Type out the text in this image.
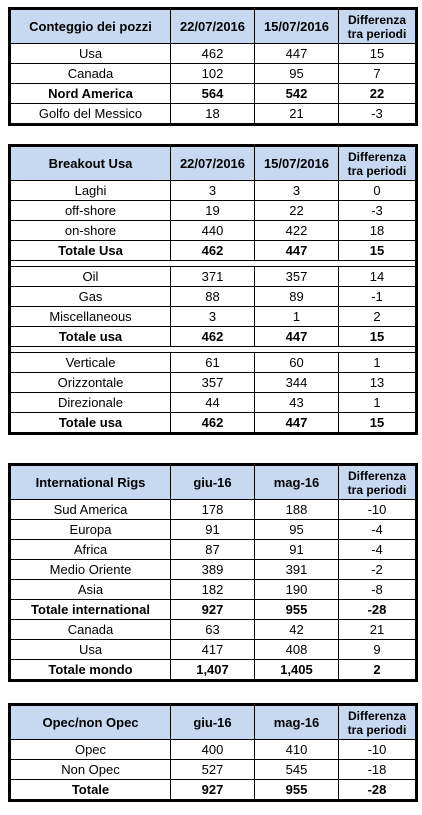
Conteggio dei pozzi	22/07/2016	15/07/2016	Differenza tra periodi
Usa	462	447	15
Canada	102	95	7
Nord America	564	542	22
Golfo del Messico	18	21	-3
Breakout Usa	22/07/2016	15/07/2016	Differenza tra periodi
Laghi	3	3	0
off-shore	19	22	-3
on-shore	440	422	18
Totale Usa	462	447	15

Oil	371	357	14
Gas	88	89	-1
Miscellaneous	3	1	2
Totale usa	462	447	15

Verticale	61	60	1
Orizzontale	357	344	13
Direzionale	44	43	1
Totale usa	462	447	15
International Rigs	giu-16	mag-16	Differenza tra periodi
Sud America	178	188	-10
Europa	91	95	-4
Africa	87	91	-4
Medio Oriente	389	391	-2
Asia	182	190	-8
Totale international	927	955	-28
Canada	63	42	21
Usa	417	408	9
Totale mondo	1,407	1,405	2
Opec/non Opec	giu-16	mag-16	Differenza tra periodi
Opec	400	410	-10
Non Opec	527	545	-18
Totale	927	955	-28
